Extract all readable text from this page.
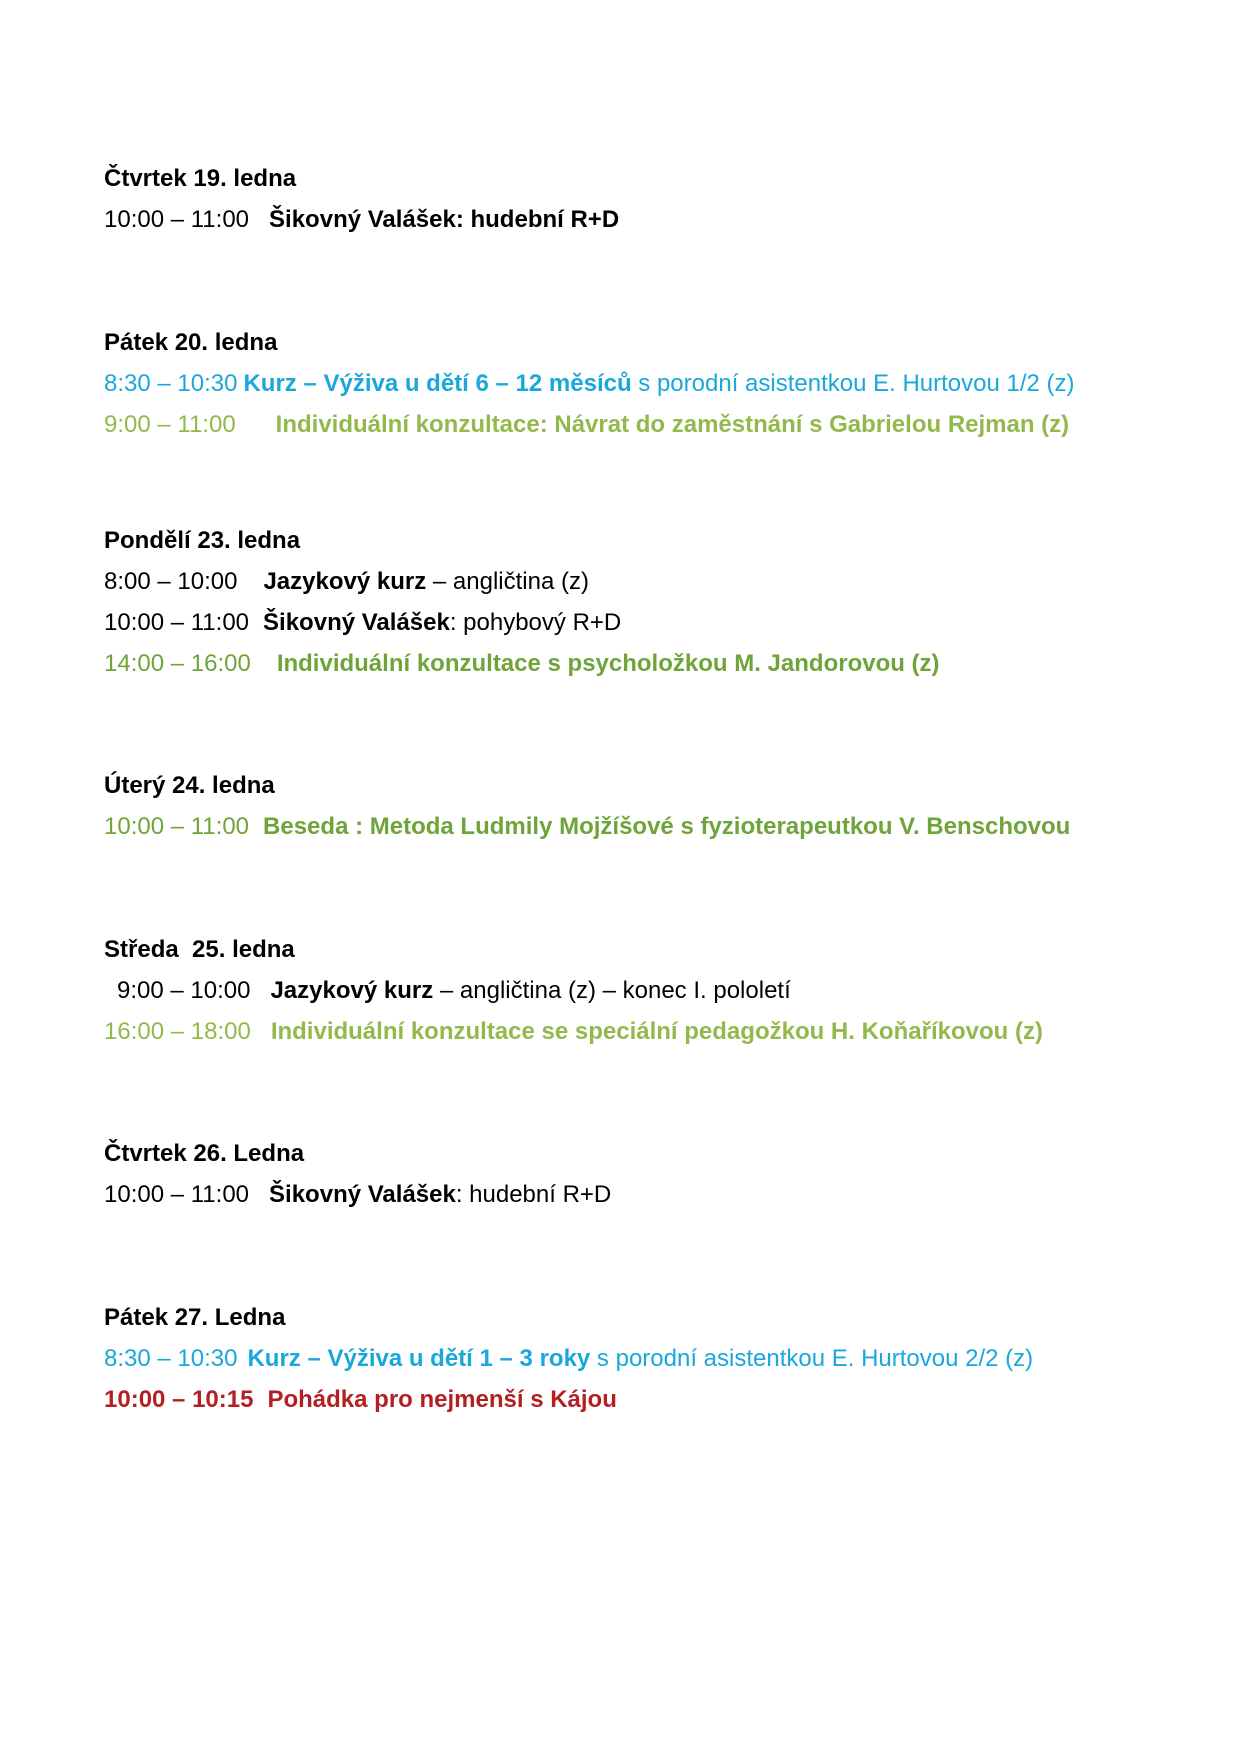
Čtvrtek 19. ledna
10:00 – 11:00 Šikovný Valášek: hudební R+D
Pátek 20. ledna
8:30 – 10:30 Kurz – Výživa u dětí 6 – 12 měsíců s porodní asistentkou E. Hurtovou 1/2 (z)
9:00 – 11:00 Individuální konzultace: Návrat do zaměstnání s Gabrielou Rejman (z)
Pondělí 23. ledna
8:00 – 10:00 Jazykový kurz – angličtina (z)
10:00 – 11:00 Šikovný Valášek: pohybový R+D
14:00 – 16:00 Individuální konzultace s psycholožkou M. Jandorovou (z)
Úterý 24. ledna
10:00 – 11:00 Beseda : Metoda Ludmily Mojžíšové s fyzioterapeutkou V. Benschovou
Středa  25. ledna
9:00 – 10:00 Jazykový kurz – angličtina (z) – konec I. pololetí
16:00 – 18:00 Individuální konzultace se speciální pedagožkou H. Koňaříkovou (z)
Čtvrtek 26. Ledna
10:00 – 11:00 Šikovný Valášek: hudební R+D
Pátek 27. Ledna
8:30 – 10:30 Kurz – Výživa u dětí 1 – 3 roky s porodní asistentkou E. Hurtovou 2/2 (z)
10:00 – 10:15 Pohádka pro nejmenší s Kájou
